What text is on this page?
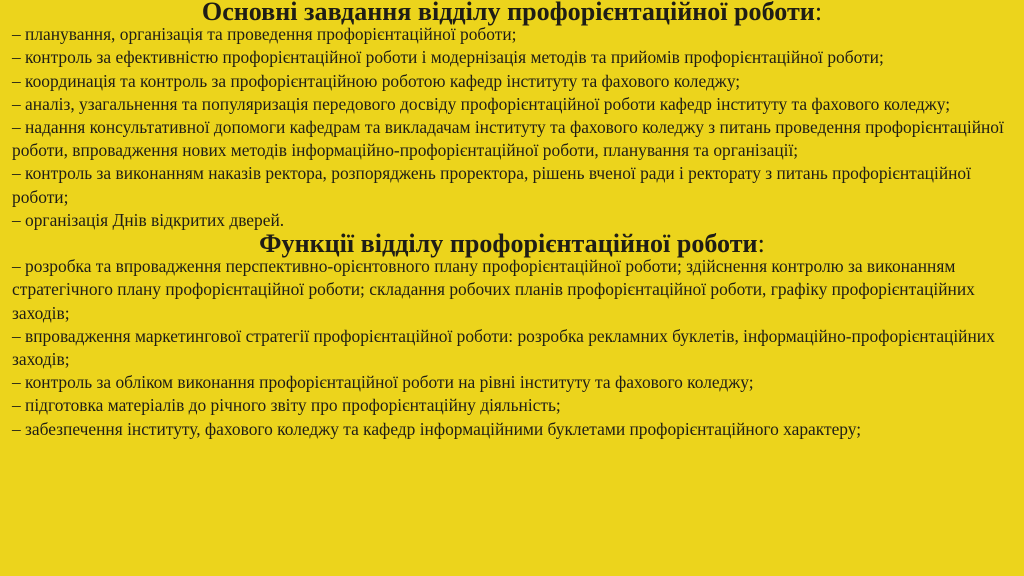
Основні завдання відділу профорієнтаційної роботи:
– планування, організація та проведення профорієнтаційної роботи;
– контроль за ефективністю профорієнтаційної роботи і модернізація методів та прийомів профорієнтаційної роботи;
– координація та контроль за профорієнтаційною роботою кафедр інституту та фахового коледжу;
– аналіз, узагальнення та популяризація передового досвіду профорієнтаційної роботи кафедр інституту та фахового коледжу;
– надання консультативної допомоги кафедрам та викладачам інституту та фахового коледжу з питань проведення профорієнтаційної роботи, впровадження нових методів інформаційно-профорієнтаційної роботи, планування та організації;
– контроль за виконанням наказів ректора, розпоряджень проректора, рішень вченої ради і ректорату з питань профорієнтаційної роботи;
– організація Днів відкритих дверей.
Функції відділу профорієнтаційної роботи:
– розробка та впровадження перспективно-орієнтовного плану профорієнтаційної роботи; здійснення контролю за виконанням стратегічного плану профорієнтаційної роботи; складання робочих планів профорієнтаційної роботи, графіку профорієнтаційних заходів;
– впровадження маркетингової стратегії профорієнтаційної роботи: розробка рекламних буклетів, інформаційно-профорієнтаційних заходів;
– контроль за обліком виконання профорієнтаційної роботи на рівні інституту та фахового коледжу;
– підготовка матеріалів до річного звіту про профорієнтаційну діяльність;
– забезпечення інституту, фахового коледжу та кафедр інформаційними буклетами профорієнтаційного характеру;
